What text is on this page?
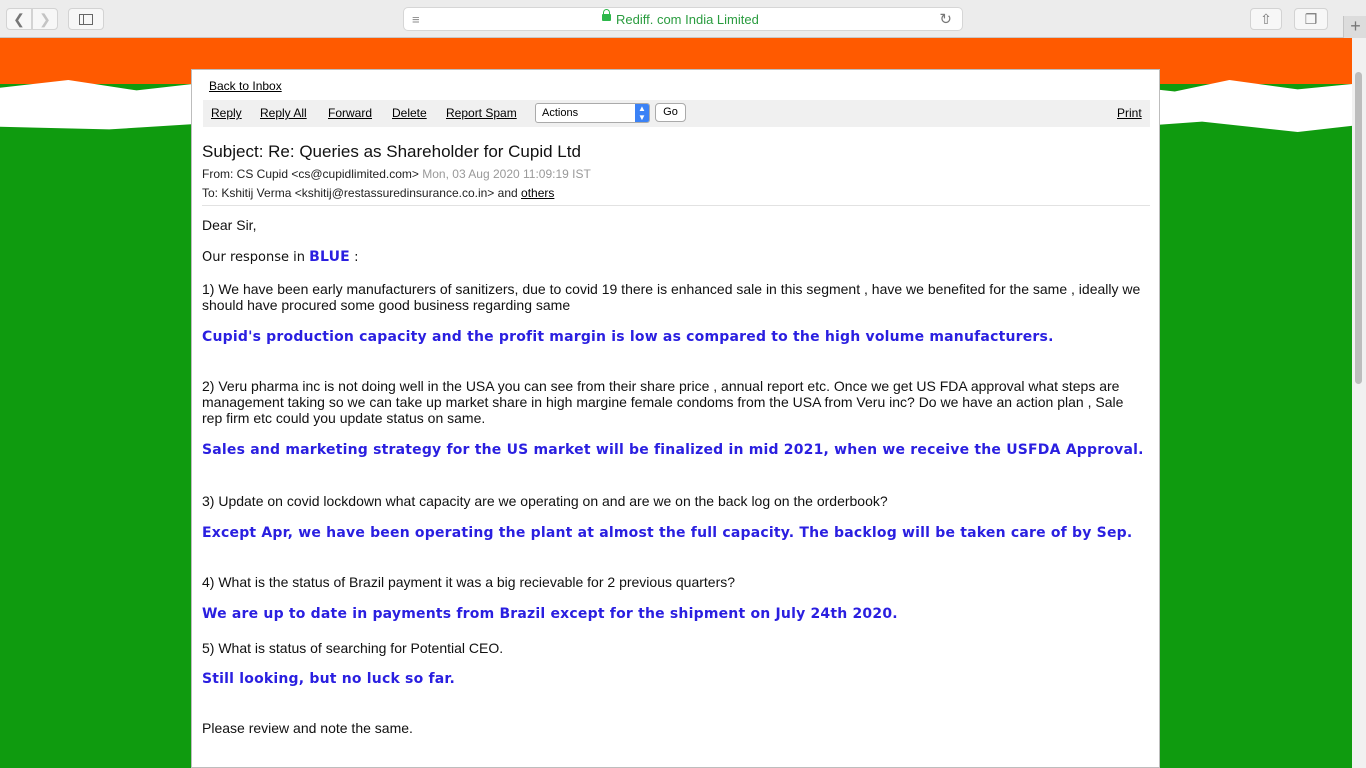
❮	❯	≡	Rediff. com India Limited	↻	⇧	❐	+
Back to Inbox
Reply Reply All Forward Delete Report Spam	Actions	▲
▼	Go	Print
Subject: Re: Queries as Shareholder for Cupid Ltd
From: CS Cupid <cs@cupidlimited.com> Mon, 03 Aug 2020 11:09:19 IST
To: Kshitij Verma <kshitij@restassuredinsurance.co.in> and others
Dear Sir,
Our response in BLUE :
1) We have been early manufacturers of sanitizers, due to covid 19 there is enhanced sale in this segment , have we benefited for the same , ideally we should have procured some good business regarding same
Cupid's production capacity and the profit margin is low as compared to the high volume manufacturers.
2) Veru pharma inc is not doing well in the USA you can see from their share price , annual report etc. Once we get US FDA approval what steps are management taking so we can take up market share in high margine female condoms from the USA from Veru inc? Do we have an action plan , Sale rep firm etc could you update status on same.
Sales and marketing strategy for the US market will be finalized in mid 2021, when we receive the USFDA Approval.
3) Update on covid lockdown what capacity are we operating on and are we on the back log on the orderbook?
Except Apr, we have been operating the plant at almost the full capacity. The backlog will be taken care of by Sep.
4) What is the status of Brazil payment it was a big recievable for 2 previous quarters?
We are up to date in payments from Brazil except for the shipment on July 24th 2020.
5) What is status of searching for Potential CEO.
Still looking, but no luck so far.
Please review and note the same.
